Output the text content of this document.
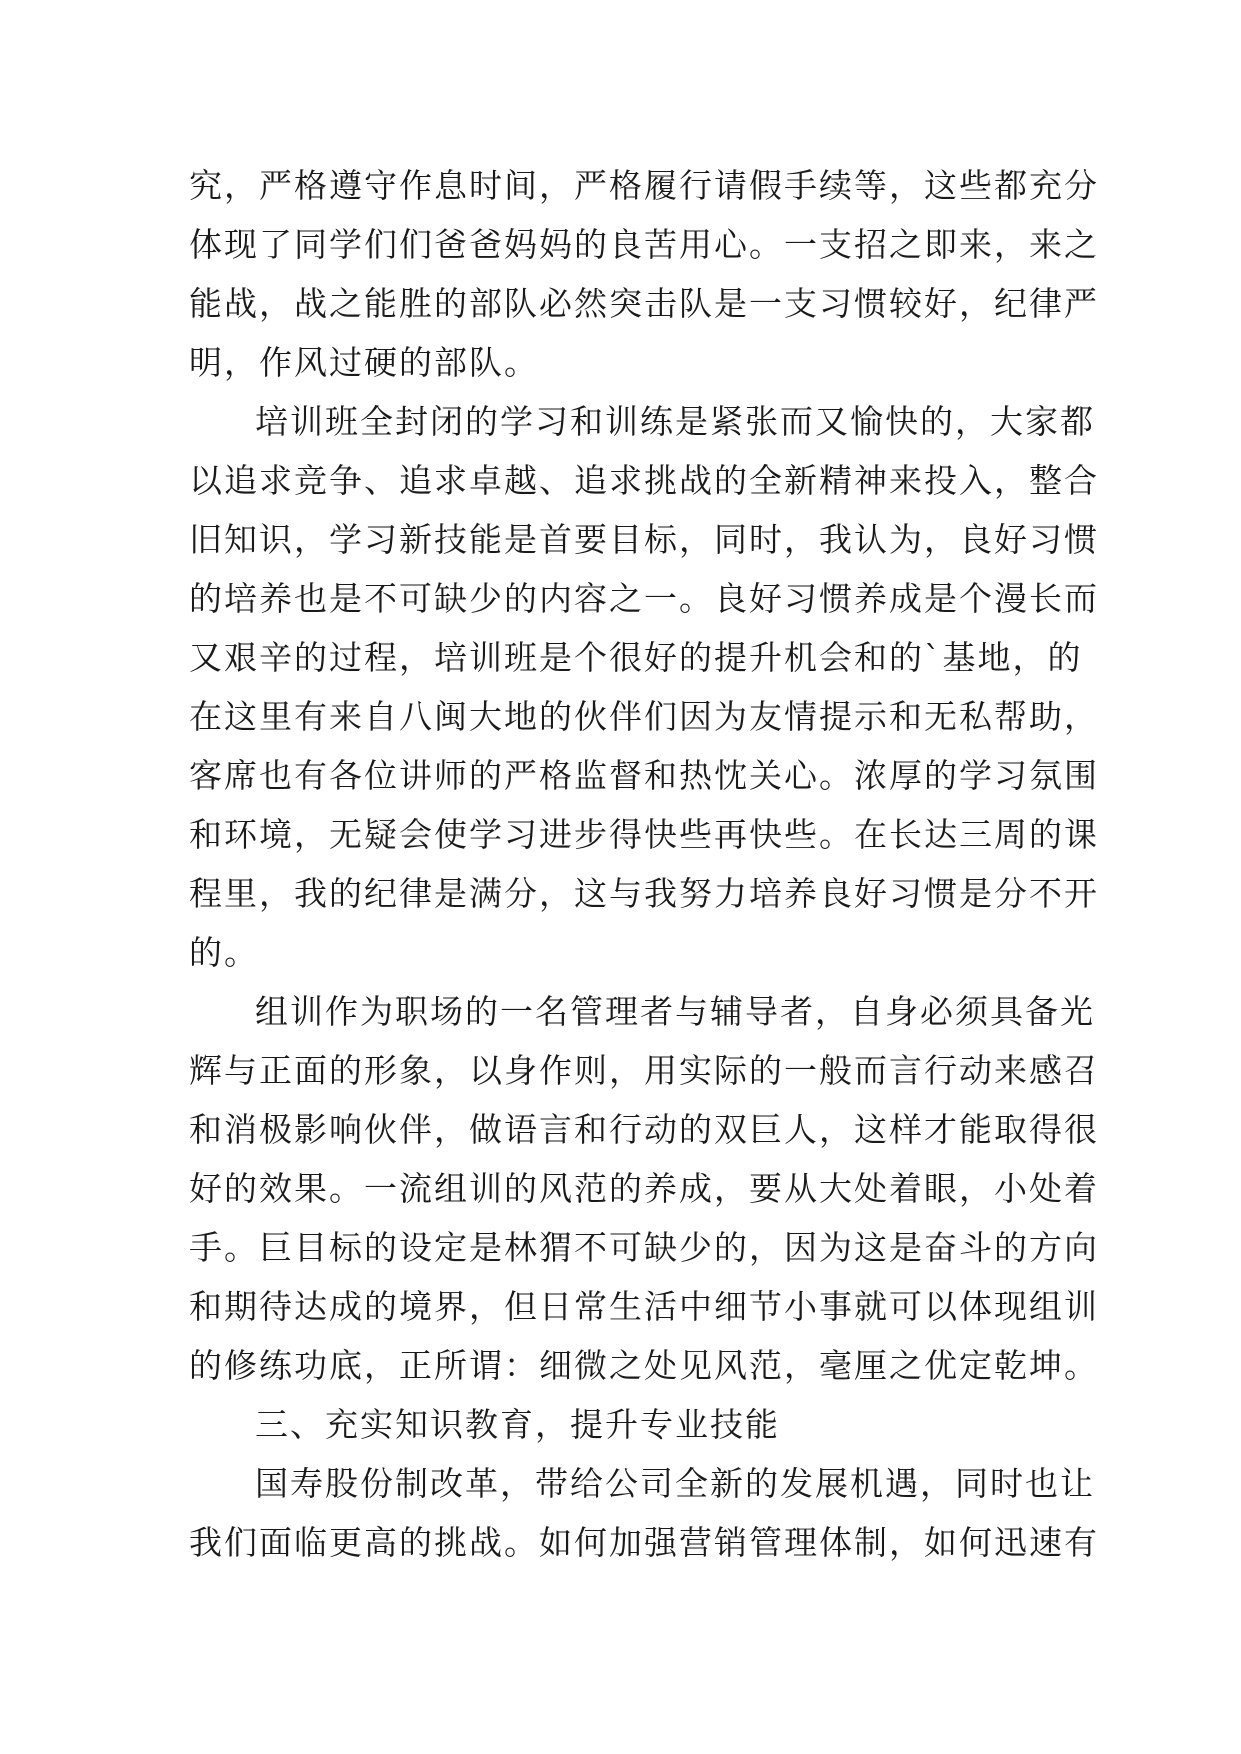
究，严格遵守作息时间，严格履行请假手续等，这些都充分
体现了同学们们爸爸妈妈的良苦用心。一支招之即来，来之
能战，战之能胜的部队必然突击队是一支习惯较好，纪律严
明，作风过硬的部队。
培训班全封闭的学习和训练是紧张而又愉快的，大家都
以追求竞争、追求卓越、追求挑战的全新精神来投入，整合
旧知识，学习新技能是首要目标，同时，我认为，良好习惯
的培养也是不可缺少的内容之一。良好习惯养成是个漫长而
又艰辛的过程，培训班是个很好的提升机会和的`基地，的
在这里有来自八闽大地的伙伴们因为友情提示和无私帮助，
客席也有各位讲师的严格监督和热忱关心。浓厚的学习氛围
和环境，无疑会使学习进步得快些再快些。在长达三周的课
程里，我的纪律是满分，这与我努力培养良好习惯是分不开
的。
组训作为职场的一名管理者与辅导者，自身必须具备光
辉与正面的形象，以身作则，用实际的一般而言行动来感召
和消极影响伙伴，做语言和行动的双巨人，这样才能取得很
好的效果。一流组训的风范的养成，要从大处着眼，小处着
手。巨目标的设定是林猬不可缺少的，因为这是奋斗的方向
和期待达成的境界，但日常生活中细节小事就可以体现组训
的修练功底，正所谓：细微之处见风范，毫厘之优定乾坤。
三、充实知识教育，提升专业技能
国寿股份制改革，带给公司全新的发展机遇，同时也让
我们面临更高的挑战。如何加强营销管理体制，如何迅速有
